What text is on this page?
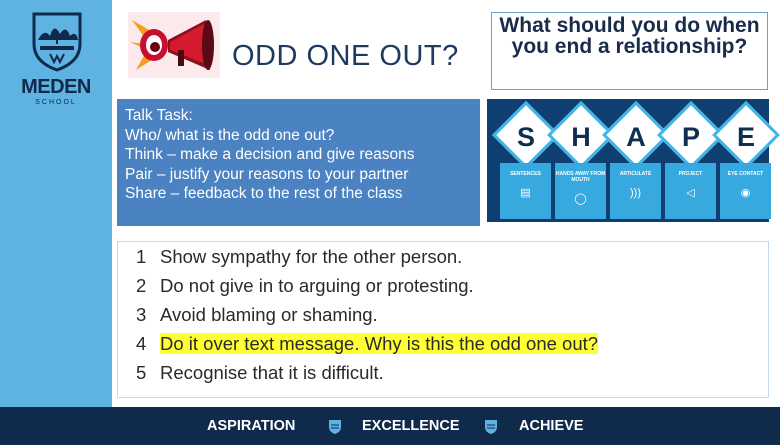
MEDEN
SCHOOL
ODD ONE OUT?
What should you do when you end a relationship?
Talk Task:
Who/ what is the odd one out?
Think – make a decision and give reasons
Pair – justify your reasons to your partner
Share – feedback to the rest of the class
S	H	A	P	E
SENTENCES
▤
HANDS AWAY FROM MOUTH
◯
ARTICULATE
)))
PROJECT
◁
EYE CONTACT
◉
1 Show sympathy for the other person.
2 Do not give in to arguing or protesting.
3 Avoid blaming or shaming.
4 Do it over text message. Why is this the odd one out?
5 Recognise that it is difficult.
ASPIRATION	EXCELLENCE	ACHIEVE
